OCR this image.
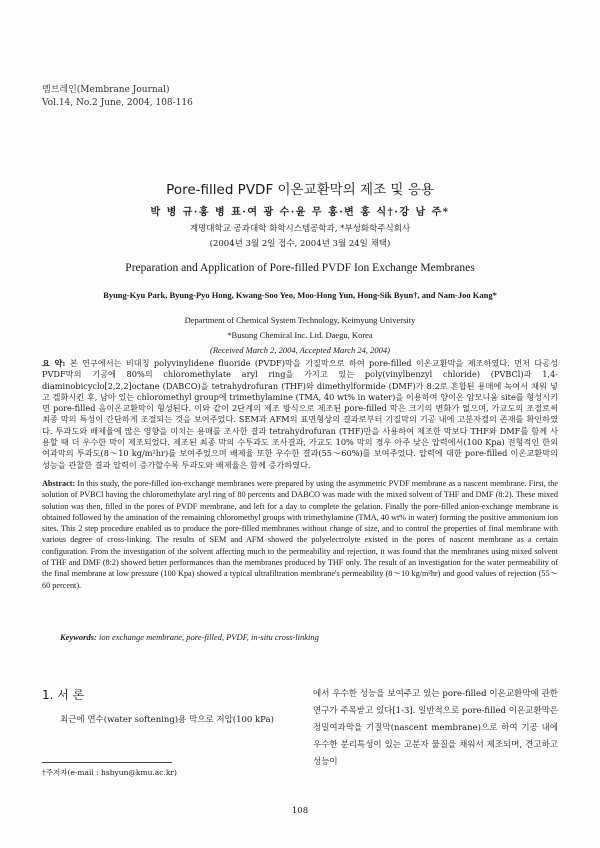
멤브레인(Membrane Journal)
Vol.14, No.2 June, 2004, 108-116
Pore-filled PVDF 이온교환막의 제조 및 응용
박 병 규·홍 병 표·여 광 수·윤 무 홍·변 홍 식†·강 남 주*
계명대학교 공과대학 화학시스템공학과, *부성화학주식회사
(2004년 3월 2일 접수, 2004년 3월 24일 채택)
Preparation and Application of Pore-filled PVDF Ion Exchange Membranes
Byung-Kyu Park, Byung-Pyo Hong, Kwang-Soo Yeo, Moo-Hong Yun, Hong-Sik Byun†, and Nam-Joo Kang*
Department of Chemical System Technology, Keimyung University
*Busung Chemical Inc. Ltd. Daegu, Korea
(Received March 2, 2004, Accepted March 24, 2004)
요 약: 본 연구에서는 비대칭 polyvinylidene fluoride (PVDF)막을 기질막으로 하여 pore-filled 이온교환막을 제조하였다. 먼저 다공성 PVDF막의 기공에 80%의 chloromethylate aryl ring을 가지고 있는 poly(vinylbenzyl chloride) (PVBCl)과 1,4- diaminobicyclo[2,2,2]octane (DABCO)을 tetrahydrofuran (THF)와 dimethylformide (DMF)가 8:2로 혼합된 용매에 녹여서 채워 넣고 겔화시킨 후, 남아 있는 chloromethyl group에 trimethylamine (TMA, 40 wt% in water)을 이용하여 양이온 암모니움 site를 형성시키면 pore-filled 음이온교환막이 형성된다. 이와 같이 2단계의 제조 방식으로 제조된 pore-filled 막은 크기의 변화가 없으며, 가교도의 조절로써 최종 막의 특성이 간단하게 조절되는 것을 보여주었다. SEM과 AFM의 표면형상의 결과로부터 기질막의 기공 내에 고분자겔의 존재를 확인하였다. 투과도와 배제율에 많은 영향을 미치는 용매를 조사한 결과 tetrahydrofuran (THF)만을 사용하여 제조한 막보다 THF와 DMF를 함께 사용할 때 더 우수한 막이 제조되었다. 제조된 최종 막의 수투과도 조사결과, 가교도 10% 막의 경우 아주 낮은 압력에서(100 Kpa) 전형적인 한외여과막의 투과도(8～10 kg/m²hr)를 보여주었으며 배제율 또한 우수한 결과(55～60%)를 보여주었다. 압력에 대한 pore-filled 이온교환막의 성능을 관찰한 결과 압력이 증가할수록 투과도와 배제율은 함께 증가하였다.
Abstract: In this study, the pore-filled ion-exchange membranes were prepared by using the asymmetric PVDF membrane as a nascent membrane. First, the solution of PVBCl having the chloromethylate aryl ring of 80 percents and DABCO was made with the mixed solvent of THF and DMF (8:2). These mixed solution was then, filled in the pores of PVDF membrane, and left for a day to complete the gelation. Finally the pore-filled anion-exchange membrane is obtained followed by the amination of the remaining chloromethyl groups with trimethylamine (TMA, 40 wt% in water) forming the positive ammonium ion sites. This 2 step procedure enabled us to produce the pore-filled membranes without change of size, and to control the properties of final membrane with various degree of cross-linking. The results of SEM and AFM showed the polyelectrolyte existed in the pores of nascent membrane as a certain configuration. From the investigation of the solvent affecting much to the permeability and rejection, it was found that the membranes using mixed solvent of THF and DMF (8:2) showed better performances than the membranes produced by THF only. The result of an investigation for the water permeability of the final membrane at low pressure (100 Kpa) showed a typical ultrafiltration membrane's permeability (8～10 kg/m²hr) and good values of rejection (55～60 percent).
Keywords: ion exchange membrane, pore-filled, PVDF, in-situ cross-linking
1. 서 론
최근에 연수(water softening)용 막으로 저압(100 kPa)
†주저자(e-mail : hsbyun@kmu.ac.kr)
에서 우수한 성능을 보여주고 있는 pore-filled 이온교환막에 관한 연구가 주목받고 있다[1-3]. 일반적으로 pore-filled 이온교환막은 정밀여과막을 기질막(nascent membrane)으로 하여 기공 내에 우수한 분리특성이 있는 고분자 물질을 채워서 제조되며, 견고하고 성능이
108
